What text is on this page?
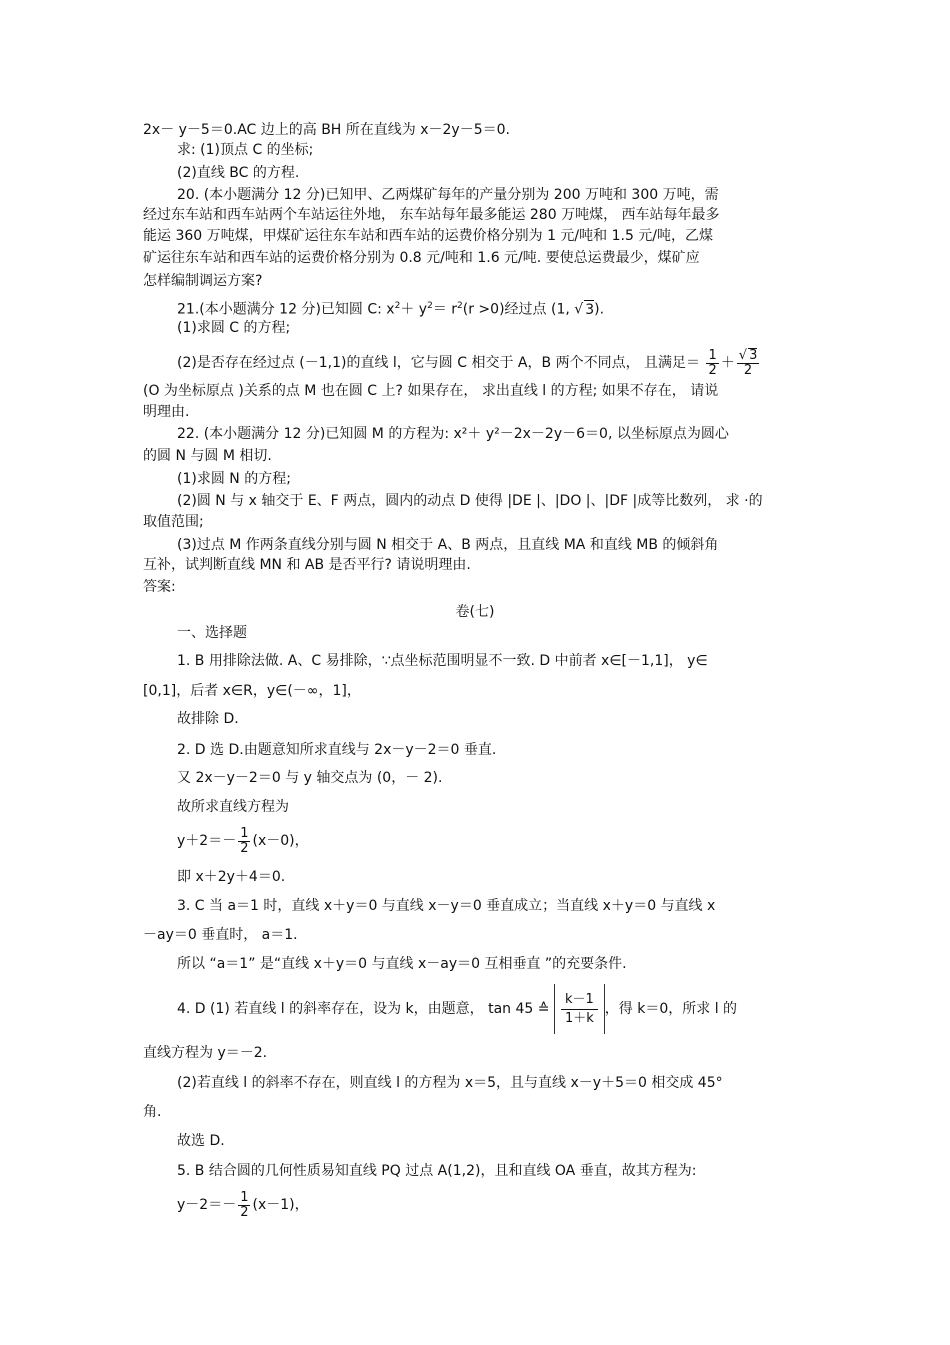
2x－ y－5＝0.AC 边上的高 BH 所在直线为 x－2y－5＝0.
求: (1)顶点 C 的坐标;
(2)直线 BC 的方程.
20. (本小题满分 12 分)已知甲、乙两煤矿每年的产量分别为 200 万吨和 300 万吨，需
经过东车站和西车站两个车站运往外地， 东车站每年最多能运 280 万吨煤， 西车站每年最多
能运 360 万吨煤，甲煤矿运往东车站和西车站的运费价格分别为 1 元/吨和 1.5 元/吨，乙煤
矿运往东车站和西车站的运费价格分别为 0.8 元/吨和 1.6 元/吨. 要使总运费最少，煤矿应
怎样编制调运方案?
21.(本小题满分 12 分)已知圆 C: $x^2+ y^2= r^2(r >0)$经过点 (1, √ 3).
(1)求圆 C 的方程;
(2)是否存在经过点 (－1,1)的直线 l，它与圆 C 相交于 A，B 两个不同点， 且满足＝ $\frac{1}{2} + \frac{√ 3}{2}$
(O 为坐标原点 )关系的点 M 也在圆 C 上? 如果存在， 求出直线 l 的方程; 如果不存在， 请说
明理由.
22. (本小题满分 12 分)已知圆 M 的方程为: x²＋ y²－2x－2y－6＝0, 以坐标原点为圆心
的圆 N 与圆 M 相切.
(1)求圆 N 的方程;
(2)圆 N 与 x 轴交于 E、F 两点，圆内的动点 D 使得 |DE |、|DO |、|DF |成等比数列， 求 ·的
取值范围;
(3)过点 M 作两条直线分别与圆 N 相交于 A、B 两点，且直线 MA 和直线 MB 的倾斜角
互补，试判断直线 MN 和 AB 是否平行? 请说明理由.
答案:
卷(七)
一、选择题
1. B 用排除法做. A、C 易排除，∵点坐标范围明显不一致. D 中前者 x∈[－1,1]， y∈
[0,1]，后者 x∈R，y∈(－∞，1]，
故排除 D.
2. D 选 D.由题意知所求直线与 2x－y－2＝0 垂直.
又 2x－y－2＝0 与 y 轴交点为 (0，－ 2).
故所求直线方程为
$y+2=- \frac{1}{2} (x-0)$，
即 x＋2y＋4＝0.
3. C 当 a＝1 时，直线 x＋y＝0 与直线 x－y＝0 垂直成立；当直线 x＋y＝0 与直线 x
－ay＝0 垂直时， a＝1.
所以 “a＝1” 是“直线 x＋y＝0 与直线 x－ay＝0 互相垂直 ”的充要条件.
4. D (1) 若直线 l 的斜率存在，设为 k，由题意， tan 45 ≙ $\frac{k-1}{1+k}$ ，得 k＝0，所求 l 的
直线方程为 y＝－2.
(2)若直线 l 的斜率不存在，则直线 l 的方程为 x＝5，且与直线 x－y＋5＝0 相交成 45°
角.
故选 D.
5. B 结合圆的几何性质易知直线 PQ 过点 A(1,2)，且和直线 OA 垂直，故其方程为:
$y-2=- \frac{1}{2} (x-1)$，
